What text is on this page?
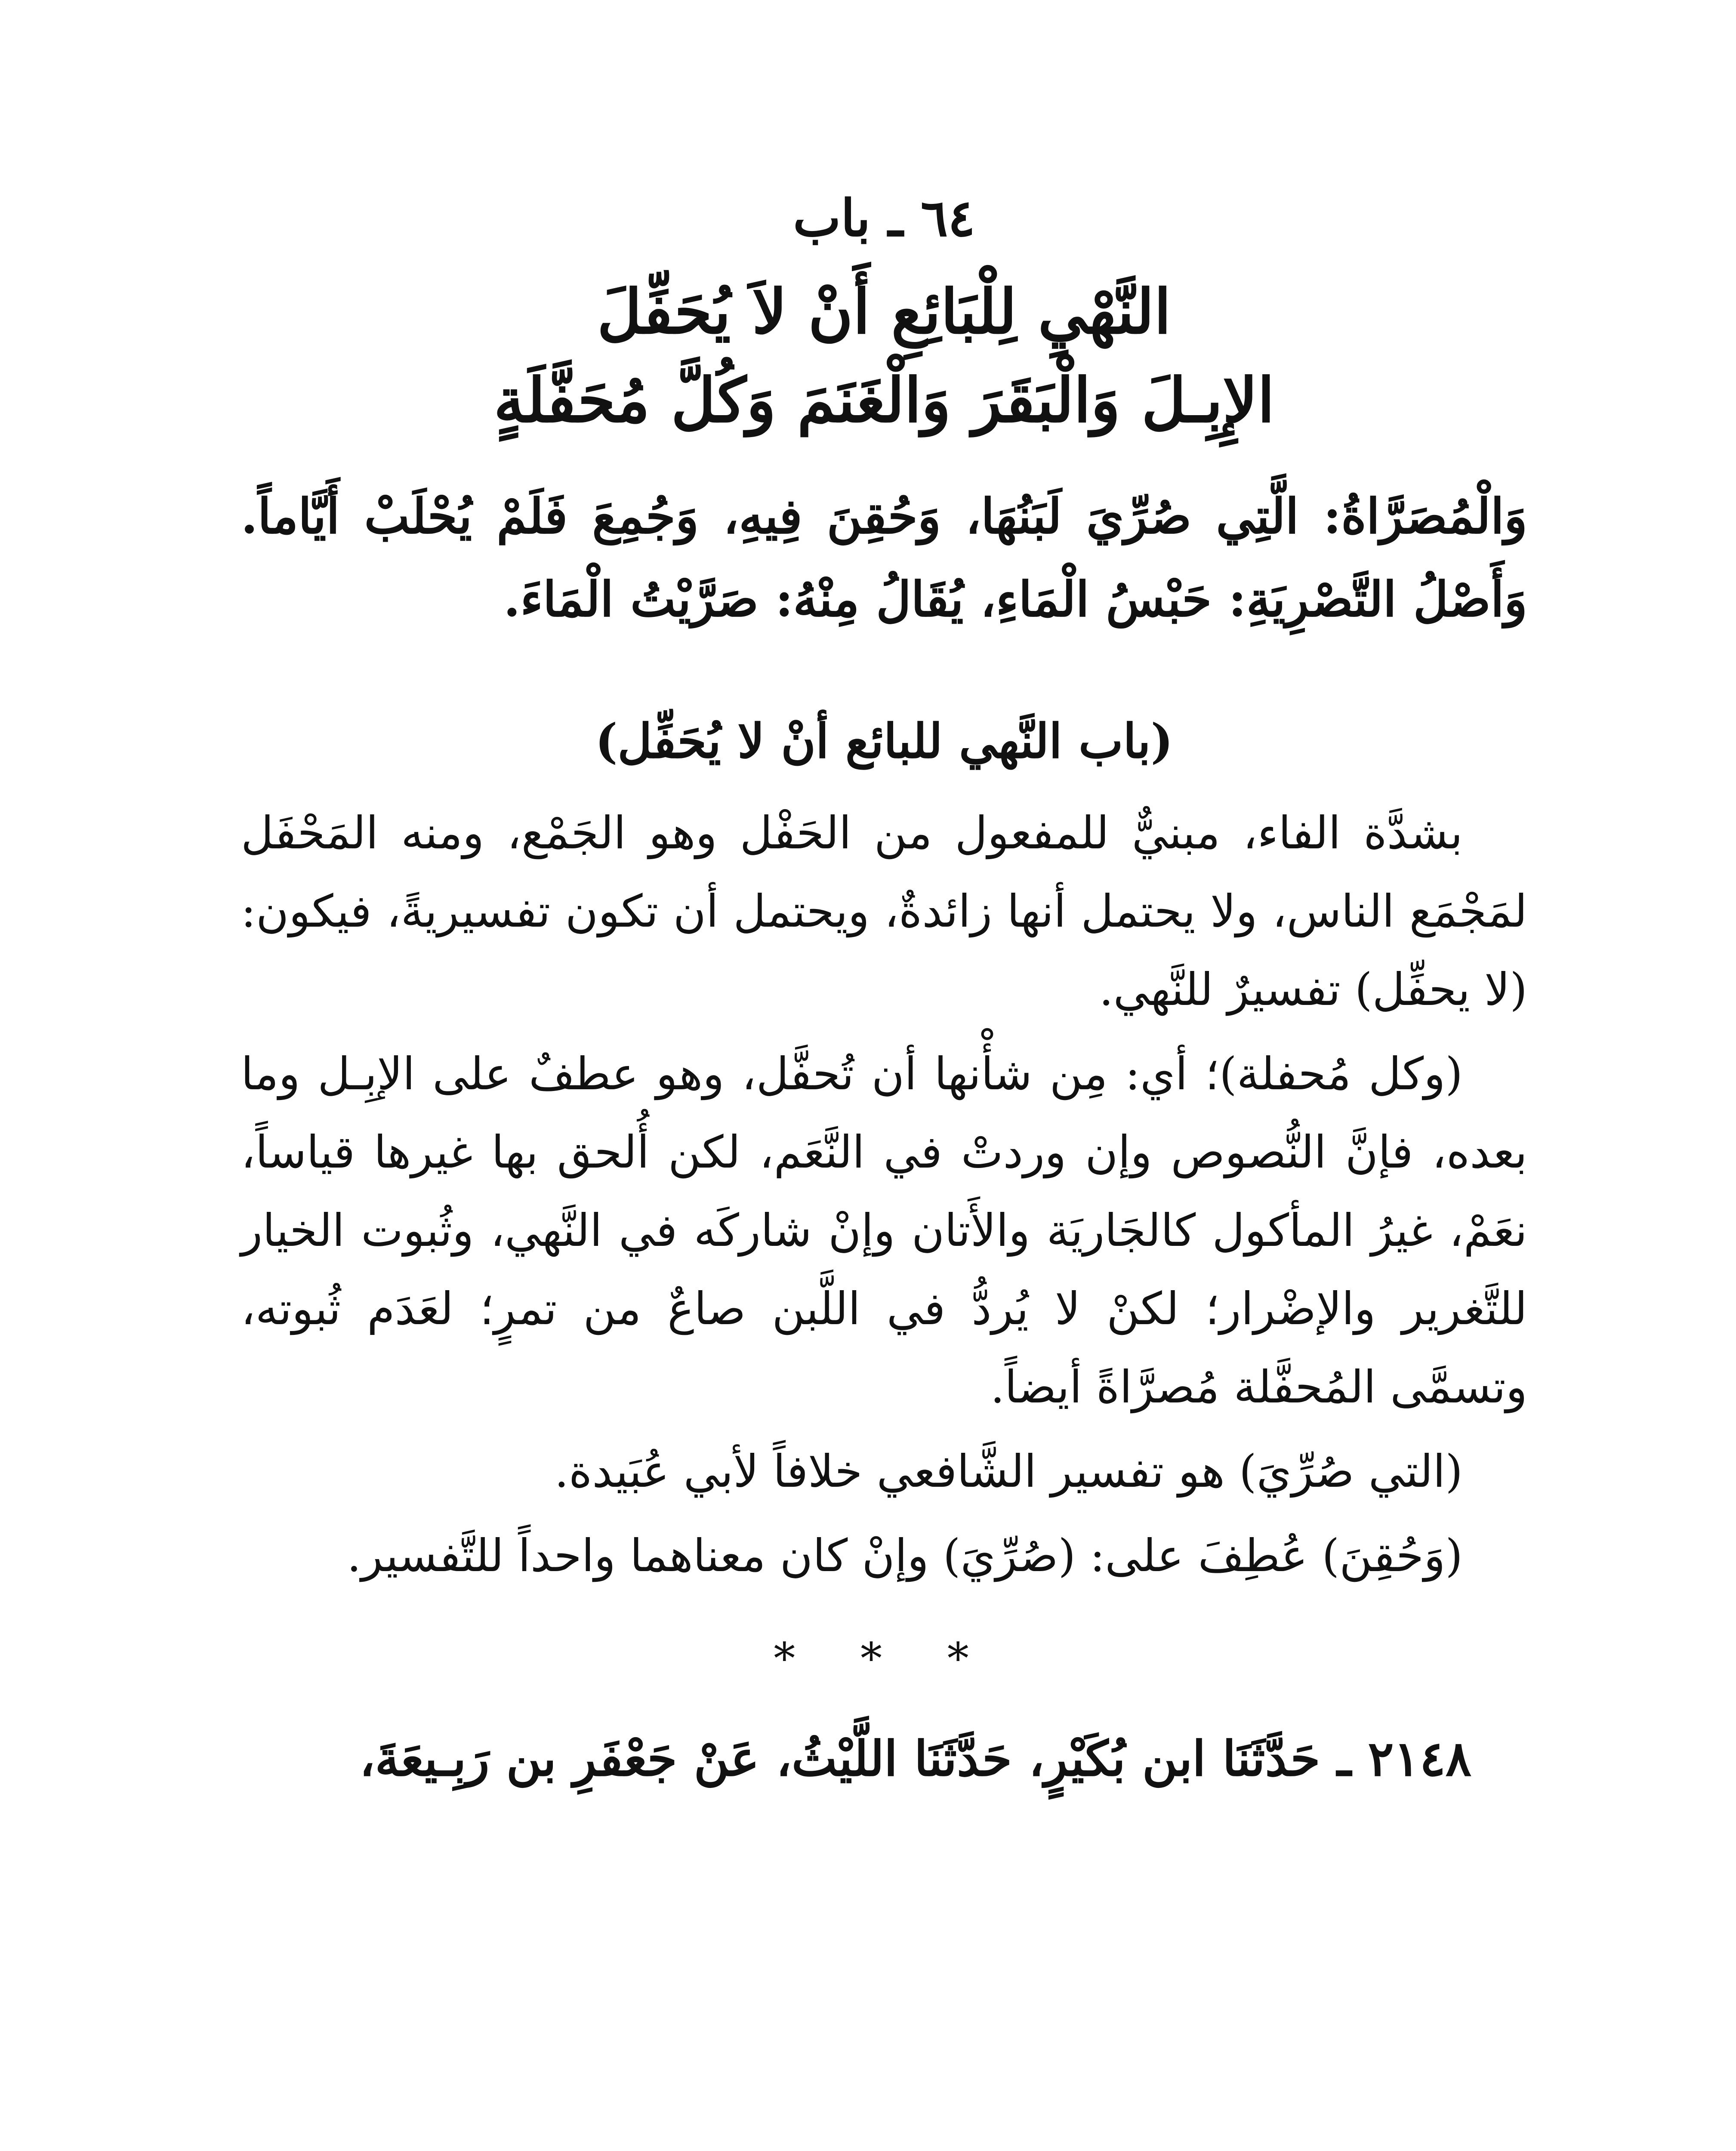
٦٤ ـ باب
النَّهْيِ لِلْبَائِعِ أَنْ لاَ يُحَفِّلَ
الإِبِـلَ وَالْبَقَرَ وَالْغَنَمَ وَكُلَّ مُحَفَّلَةٍ

وَالْمُصَرَّاةُ: الَّتِي صُرِّيَ لَبَنُهَا، وَحُقِنَ فِيهِ، وَجُمِعَ فَلَمْ يُحْلَبْ أَيَّاماً. وَأَصْلُ التَّصْرِيَةِ: حَبْسُ الْمَاءِ، يُقَالُ مِنْهُ: صَرَّيْتُ الْمَاءَ.

(باب النَّهي للبائع أنْ لا يُحَفِّل)

بشدَّة الفاء، مبنيٌّ للمفعول من الحَفْل وهو الجَمْع، ومنه المَحْفَل لمَجْمَع الناس، ولا يحتمل أنها زائدةٌ، ويحتمل أن تكون تفسيريةً، فيكون: (لا يحفِّل) تفسيرٌ للنَّهي.

(وكل مُحفلة)؛ أي: مِن شأْنها أن تُحفَّل، وهو عطفٌ على الإبِـل وما بعده، فإنَّ النُّصوص وإن وردتْ في النَّعَم، لكن أُلحق بها غيرها قياساً، نعَمْ، غيرُ المأكول كالجَاريَة والأَتان وإنْ شاركَه في النَّهي، وثُبوت الخيار للتَّغرير والإضْرار؛ لكنْ لا يُردُّ في اللَّبن صاعٌ من تمرٍ؛ لعَدَم ثُبوته، وتسمَّى المُحفَّلة مُصرَّاةً أيضاً.

(التي صُرِّيَ) هو تفسير الشَّافعي خلافاً لأبي عُبَيدة.

(وَحُقِنَ) عُطِفَ على: (صُرِّيَ) وإنْ كان معناهما واحداً للتَّفسير.

* * *

٢١٤٨ ـ حَدَّثَنَا ابن بُكَيْرٍ، حَدَّثَنَا اللَّيْثُ، عَنْ جَعْفَرِ بن رَبِـيعَةَ،
